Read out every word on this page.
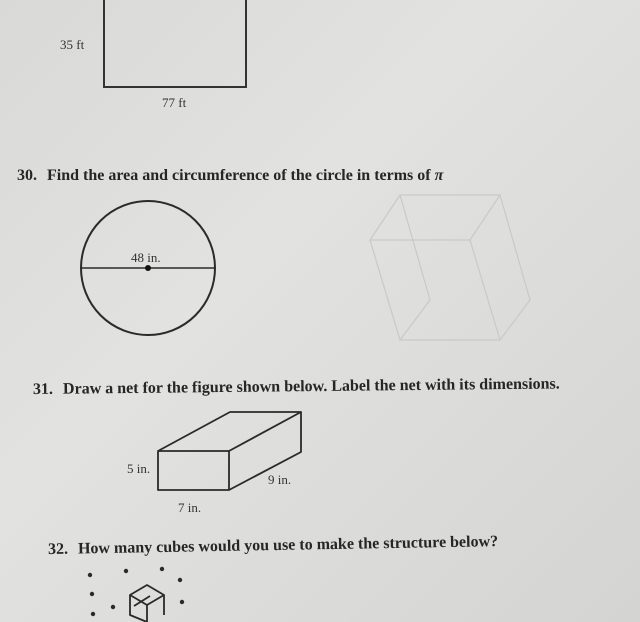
35 ft
77 ft
30. Find the area and circumference of the circle in terms of π
48 in.
31. Draw a net for the figure shown below. Label the net with its dimensions.
5 in.
9 in.
7 in.
32. How many cubes would you use to make the structure below?
